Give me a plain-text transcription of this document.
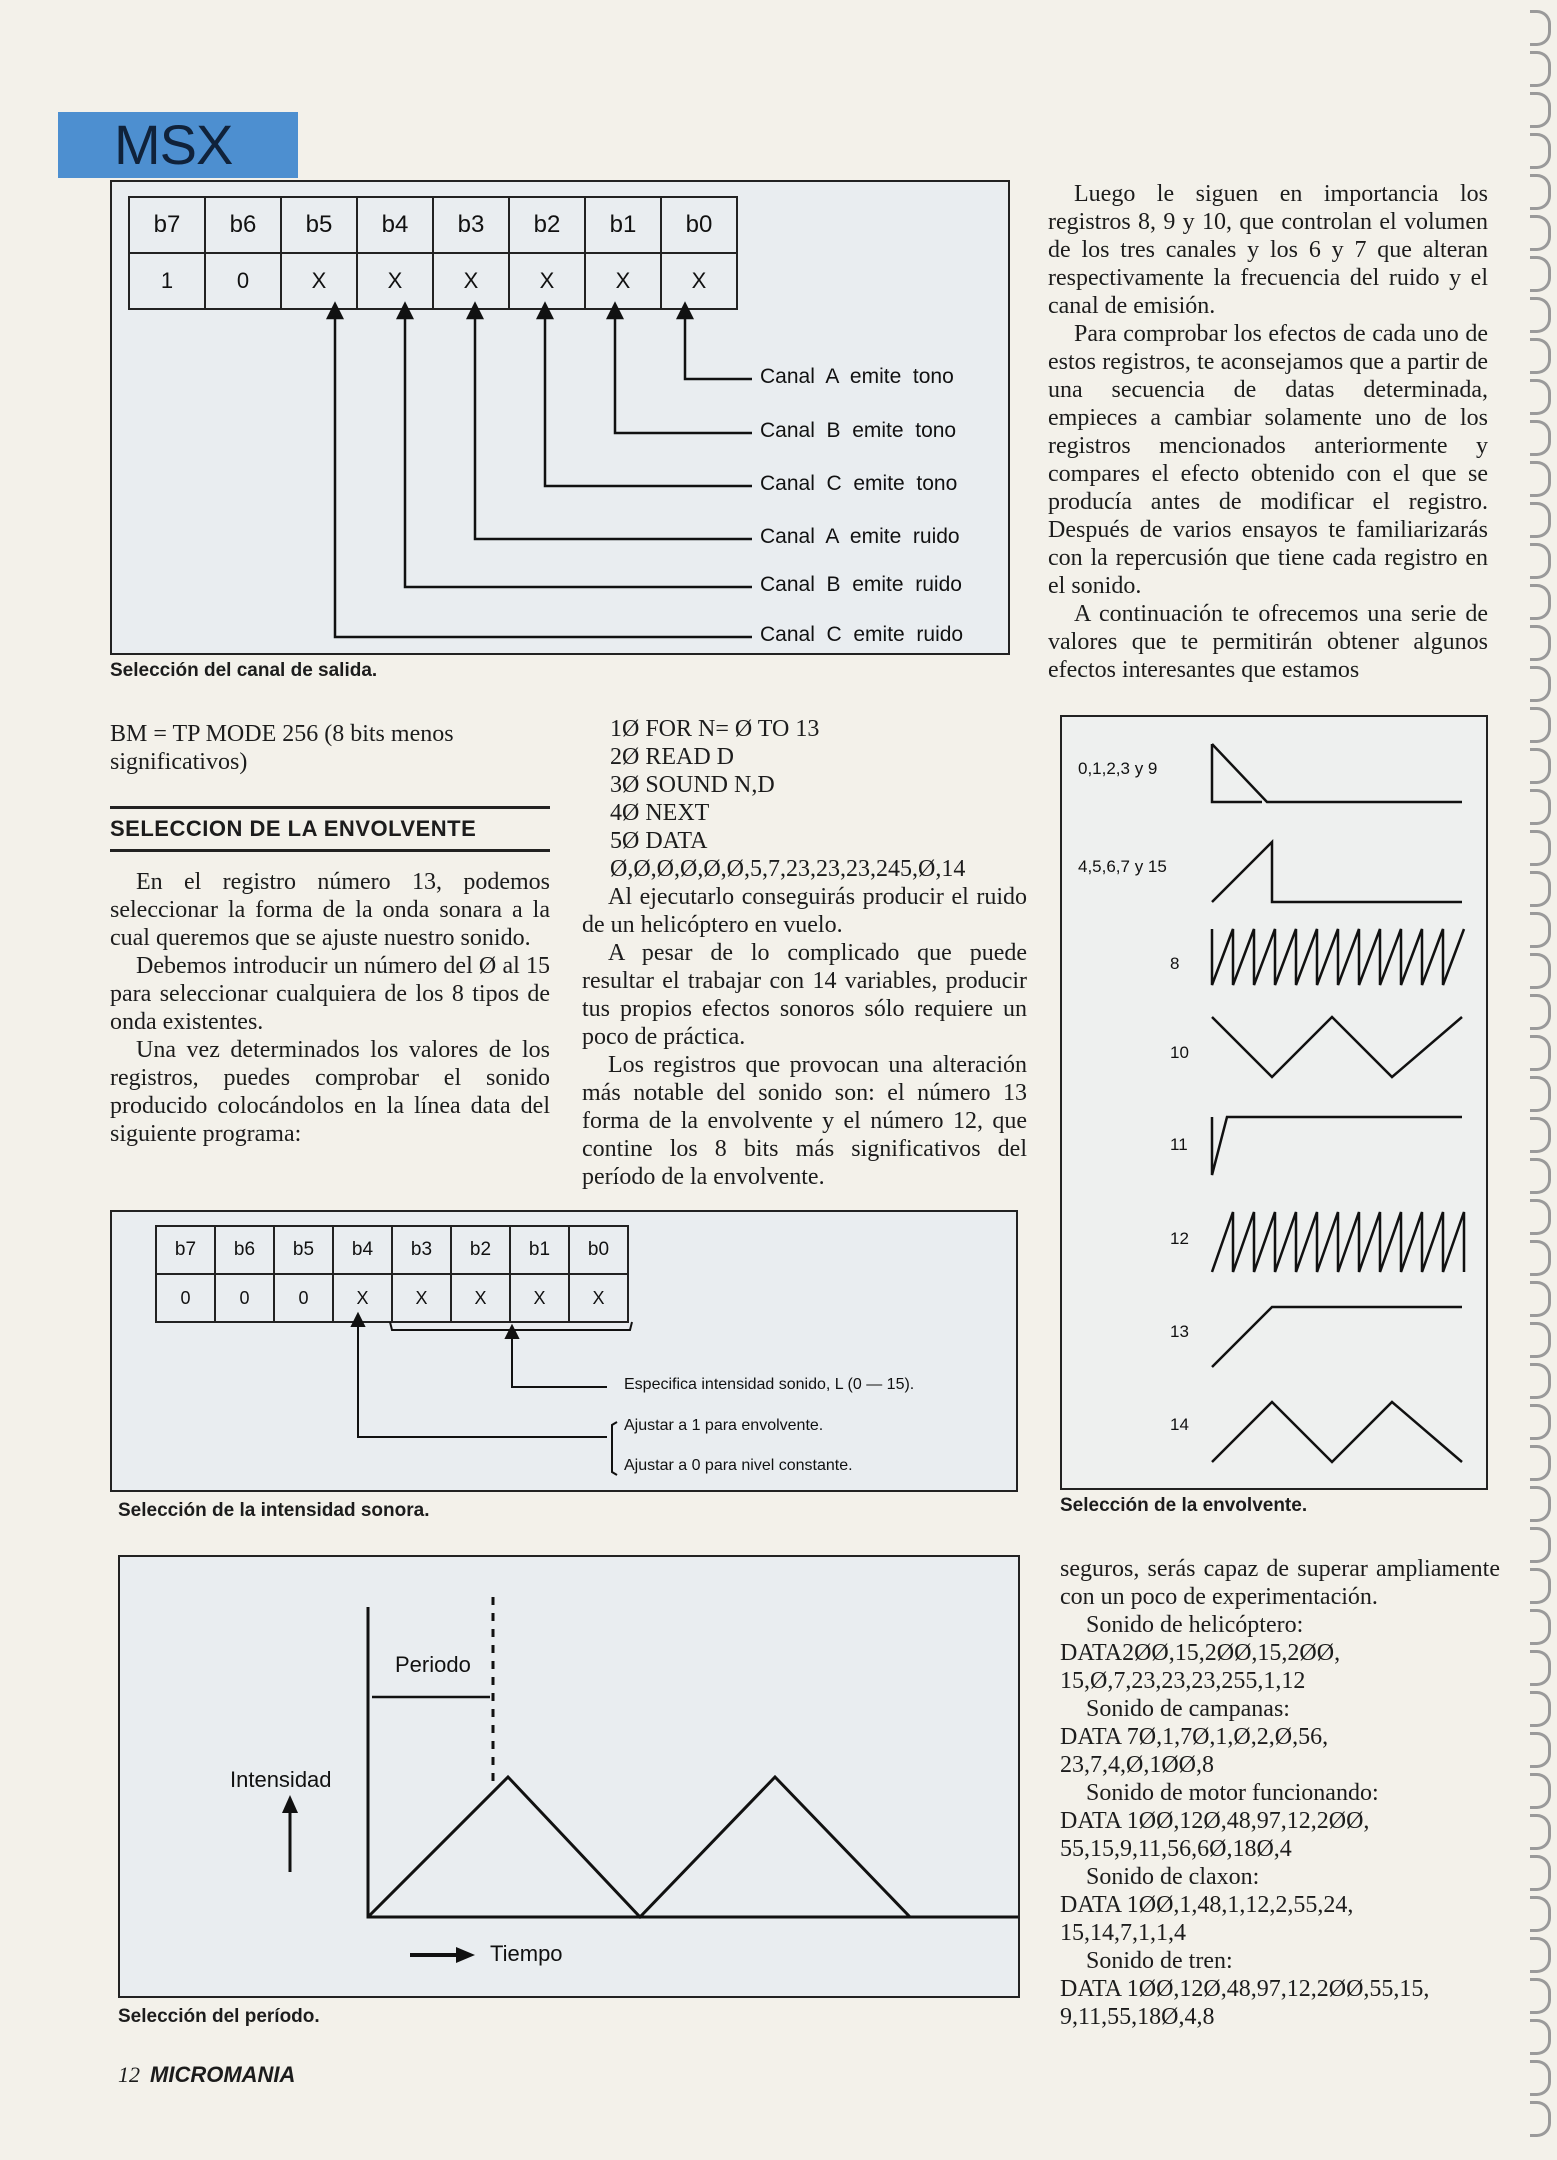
MSX
b7	b6	b5	b4	b3	b2	b1	b0
1	0	X	X	X	X	X	X
Canal  A  emite  tono
Canal  B  emite  tono
Canal  C  emite  tono
Canal  A  emite  ruido
Canal  B  emite  ruido
Canal  C  emite  ruido
Selección del canal de salida.

Luego le siguen en importancia los registros 8, 9 y 10, que controlan el volumen de los tres canales y los 6 y 7 que alteran respectivamente la frecuencia del ruido y el canal de emisión.

Para comprobar los efectos de cada uno de estos registros, te aconsejamos que a partir de una secuencia de datas determinada, empieces a cambiar solamente uno de los registros mencionados anteriormente y compares el efecto obtenido con el que se producía antes de modificar el registro. Después de varios ensayos te familiarizarás con la repercusión que tiene cada registro en el sonido.

A continuación te ofrecemos una serie de valores que te permitirán obtener algunos efectos interesantes que estamos

BM = TP MODE 256 (8 bits menos significativos)

SELECCION DE LA ENVOLVENTE

En el registro número 13, podemos seleccionar la forma de la onda sonara a la cual queremos que se ajuste nuestro sonido.

Debemos introducir un número del Ø al 15 para seleccionar cualquiera de los 8 tipos de onda existentes.

Una vez determinados los valores de los registros, puedes comprobar el sonido producido colocándolos en la línea data del siguiente programa:

1Ø FOR N= Ø TO 13

2Ø READ D

3Ø SOUND N,D

4Ø NEXT

5Ø DATA

Ø,Ø,Ø,Ø,Ø,Ø,5,7,23,23,23,245,Ø,14

Al ejecutarlo conseguirás producir el ruido de un helicóptero en vuelo.

A pesar de lo complicado que puede resultar el trabajar con 14 variables, producir tus propios efectos sonoros sólo requiere un poco de práctica.

Los registros que provocan una alteración más notable del sonido son: el número 13 forma de la envolvente y el número 12, que contine los 8 bits más significativos del período de la envolvente.

0,1,2,3 y 9
4,5,6,7 y 15
8
10
11
12
13
14
Selección de la envolvente.
b7	b6	b5	b4	b3	b2	b1	b0
0	0	0	X	X	X	X	X
Especifica intensidad sonido, L (0 — 15).
Ajustar a 1 para envolvente.
Ajustar a 0 para nivel constante.
Selección de la intensidad sonora.
Periodo
Intensidad
Tiempo
Selección del período.

seguros, serás capaz de superar ampliamente con un poco de experimentación.

Sonido de helicóptero:

DATA2ØØ,15,2ØØ,15,2ØØ,

15,Ø,7,23,23,23,255,1,12

Sonido de campanas:

DATA 7Ø,1,7Ø,1,Ø,2,Ø,56,

23,7,4,Ø,1ØØ,8

Sonido de motor funcionando:

DATA 1ØØ,12Ø,48,97,12,2ØØ,

55,15,9,11,56,6Ø,18Ø,4

Sonido de claxon:

DATA 1ØØ,1,48,1,12,2,55,24,

15,14,7,1,1,4

Sonido de tren:

DATA 1ØØ,12Ø,48,97,12,2ØØ,55,15,

9,11,55,18Ø,4,8

12 MICROMANIA
